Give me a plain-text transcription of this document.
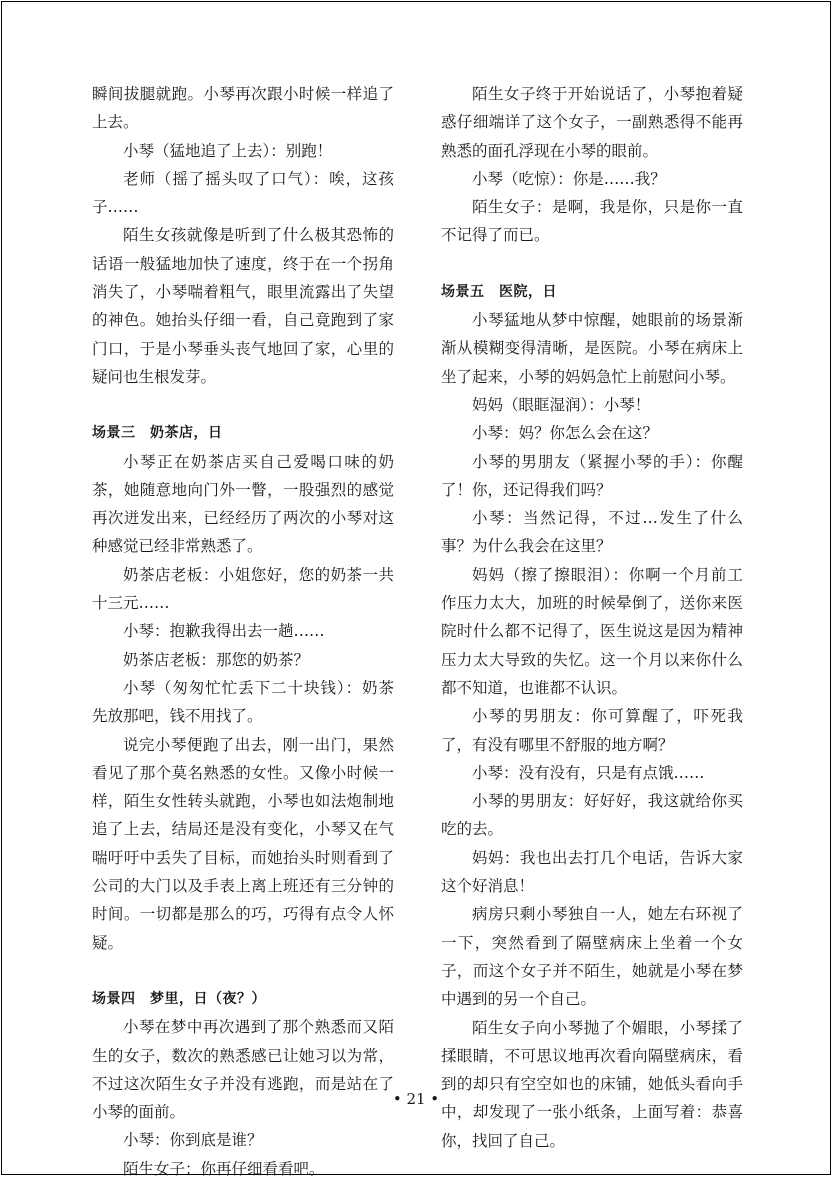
瞬间拔腿就跑。小琴再次跟小时候一样追了上去。

小琴（猛地追了上去）：别跑！

老师（摇了摇头叹了口气）：唉，这孩子……

陌生女孩就像是听到了什么极其恐怖的话语一般猛地加快了速度，终于在一个拐角消失了，小琴喘着粗气，眼里流露出了失望的神色。她抬头仔细一看，自己竟跑到了家门口，于是小琴垂头丧气地回了家，心里的疑问也生根发芽。

场景三　奶茶店，日

小琴正在奶茶店买自己爱喝口味的奶茶，她随意地向门外一瞥，一股强烈的感觉再次迸发出来，已经经历了两次的小琴对这种感觉已经非常熟悉了。

奶茶店老板：小姐您好，您的奶茶一共十三元……

小琴：抱歉我得出去一趟……

奶茶店老板：那您的奶茶？

小琴（匆匆忙忙丢下二十块钱）：奶茶先放那吧，钱不用找了。

说完小琴便跑了出去，刚一出门，果然看见了那个莫名熟悉的女性。又像小时候一样，陌生女性转头就跑，小琴也如法炮制地追了上去，结局还是没有变化，小琴又在气喘吁吁中丢失了目标，而她抬头时则看到了公司的大门以及手表上离上班还有三分钟的时间。一切都是那么的巧，巧得有点令人怀疑。

场景四　梦里，日（夜？）

小琴在梦中再次遇到了那个熟悉而又陌生的女子，数次的熟悉感已让她习以为常，不过这次陌生女子并没有逃跑，而是站在了小琴的面前。

小琴：你到底是谁？

陌生女子：你再仔细看看吧。

陌生女子终于开始说话了，小琴抱着疑惑仔细端详了这个女子，一副熟悉得不能再熟悉的面孔浮现在小琴的眼前。

小琴（吃惊）：你是……我？

陌生女子：是啊，我是你，只是你一直不记得了而已。

场景五　医院，日

小琴猛地从梦中惊醒，她眼前的场景渐渐从模糊变得清晰，是医院。小琴在病床上坐了起来，小琴的妈妈急忙上前慰问小琴。

妈妈（眼眶湿润）：小琴！

小琴：妈？你怎么会在这？

小琴的男朋友（紧握小琴的手）：你醒了！你，还记得我们吗？

小琴：当然记得，不过…发生了什么事？为什么我会在这里？

妈妈（擦了擦眼泪）：你啊一个月前工作压力太大，加班的时候晕倒了，送你来医院时什么都不记得了，医生说这是因为精神压力太大导致的失忆。这一个月以来你什么都不知道，也谁都不认识。

小琴的男朋友：你可算醒了，吓死我了，有没有哪里不舒服的地方啊？

小琴：没有没有，只是有点饿……

小琴的男朋友：好好好，我这就给你买吃的去。

妈妈：我也出去打几个电话，告诉大家这个好消息！

病房只剩小琴独自一人，她左右环视了一下，突然看到了隔壁病床上坐着一个女子，而这个女子并不陌生，她就是小琴在梦中遇到的另一个自己。

陌生女子向小琴抛了个媚眼，小琴揉了揉眼睛，不可思议地再次看向隔壁病床，看到的却只有空空如也的床铺，她低头看向手中，却发现了一张小纸条，上面写着：恭喜你，找回了自己。

• 21 •
